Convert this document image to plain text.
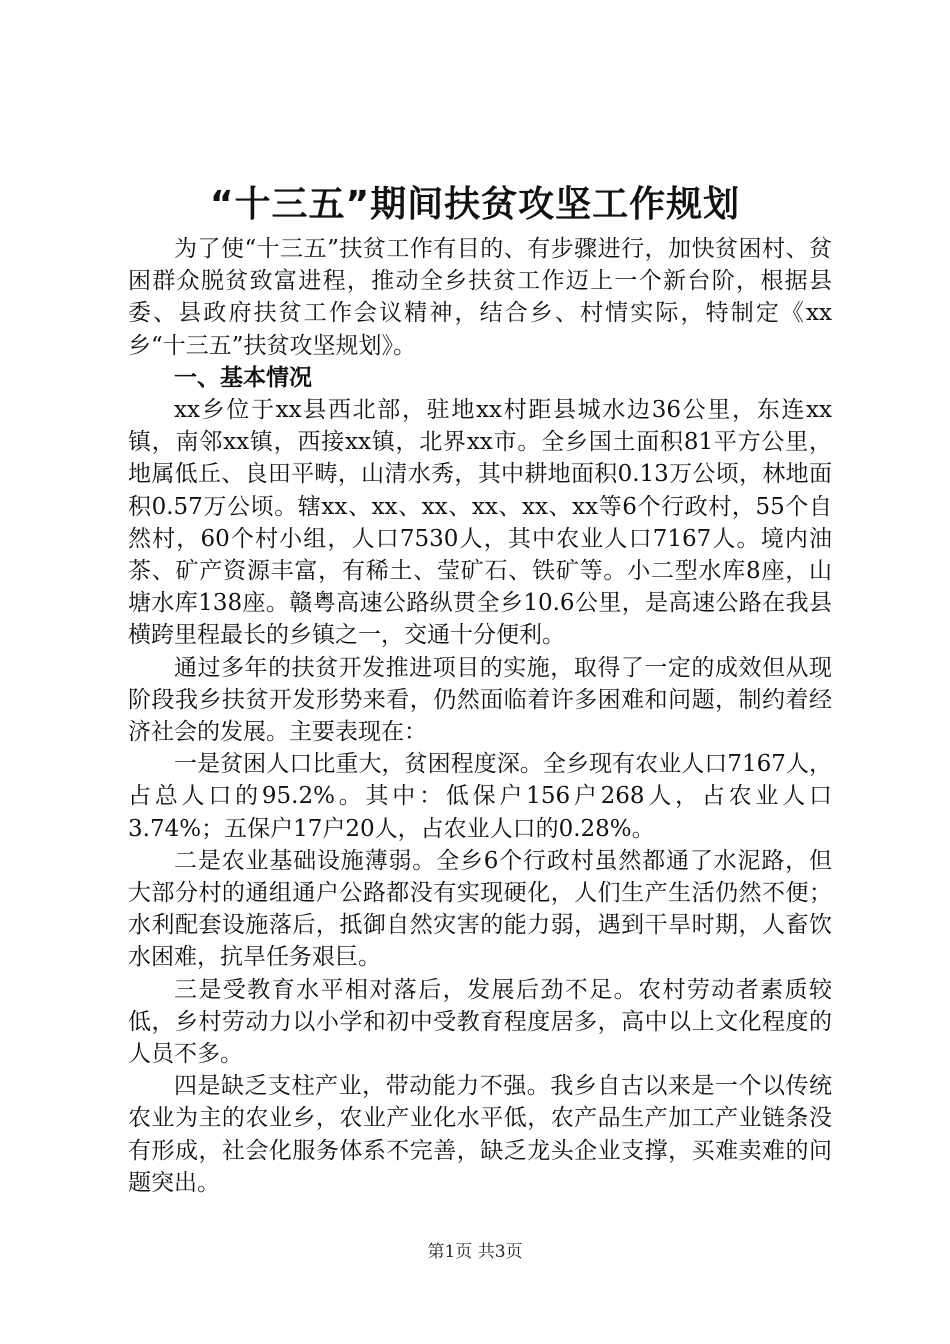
“十三五”期间扶贫攻坚工作规划

为了使“十三五”扶贫工作有目的、有步骤进行，加快贫困村、贫困群众脱贫致富进程，推动全乡扶贫工作迈上一个新台阶，根据县委、县政府扶贫工作会议精神，结合乡、村情实际，特制定《xx乡“十三五”扶贫攻坚规划》。

一、基本情况

xx乡位于xx县西北部，驻地xx村距县城水边36公里，东连xx镇，南邻xx镇，西接xx镇，北界xx市。全乡国土面积81平方公里，地属低丘、良田平畴，山清水秀，其中耕地面积0.13万公顷，林地面积0.57万公顷。辖xx、xx、xx、xx、xx、xx等6个行政村，55个自然村，60个村小组，人口7530人，其中农业人口7167人。境内油茶、矿产资源丰富，有稀土、莹矿石、铁矿等。小二型水库8座，山塘水库138座。赣粤高速公路纵贯全乡10.6公里，是高速公路在我县横跨里程最长的乡镇之一，交通十分便利。

通过多年的扶贫开发推进项目的实施，取得了一定的成效但从现阶段我乡扶贫开发形势来看，仍然面临着许多困难和问题，制约着经济社会的发展。主要表现在：

一是贫困人口比重大，贫困程度深。全乡现有农业人口7167人，占总人口的95.2%。其中：低保户156户268人，占农业人口3.74%；五保户17户20人，占农业人口的0.28%。

二是农业基础设施薄弱。全乡6个行政村虽然都通了水泥路，但大部分村的通组通户公路都没有实现硬化，人们生产生活仍然不便；水利配套设施落后，抵御自然灾害的能力弱，遇到干旱时期，人畜饮水困难，抗旱任务艰巨。

三是受教育水平相对落后，发展后劲不足。农村劳动者素质较低，乡村劳动力以小学和初中受教育程度居多，高中以上文化程度的人员不多。

四是缺乏支柱产业，带动能力不强。我乡自古以来是一个以传统农业为主的农业乡，农业产业化水平低，农产品生产加工产业链条没有形成，社会化服务体系不完善，缺乏龙头企业支撑，买难卖难的问题突出。

第1页 共3页
